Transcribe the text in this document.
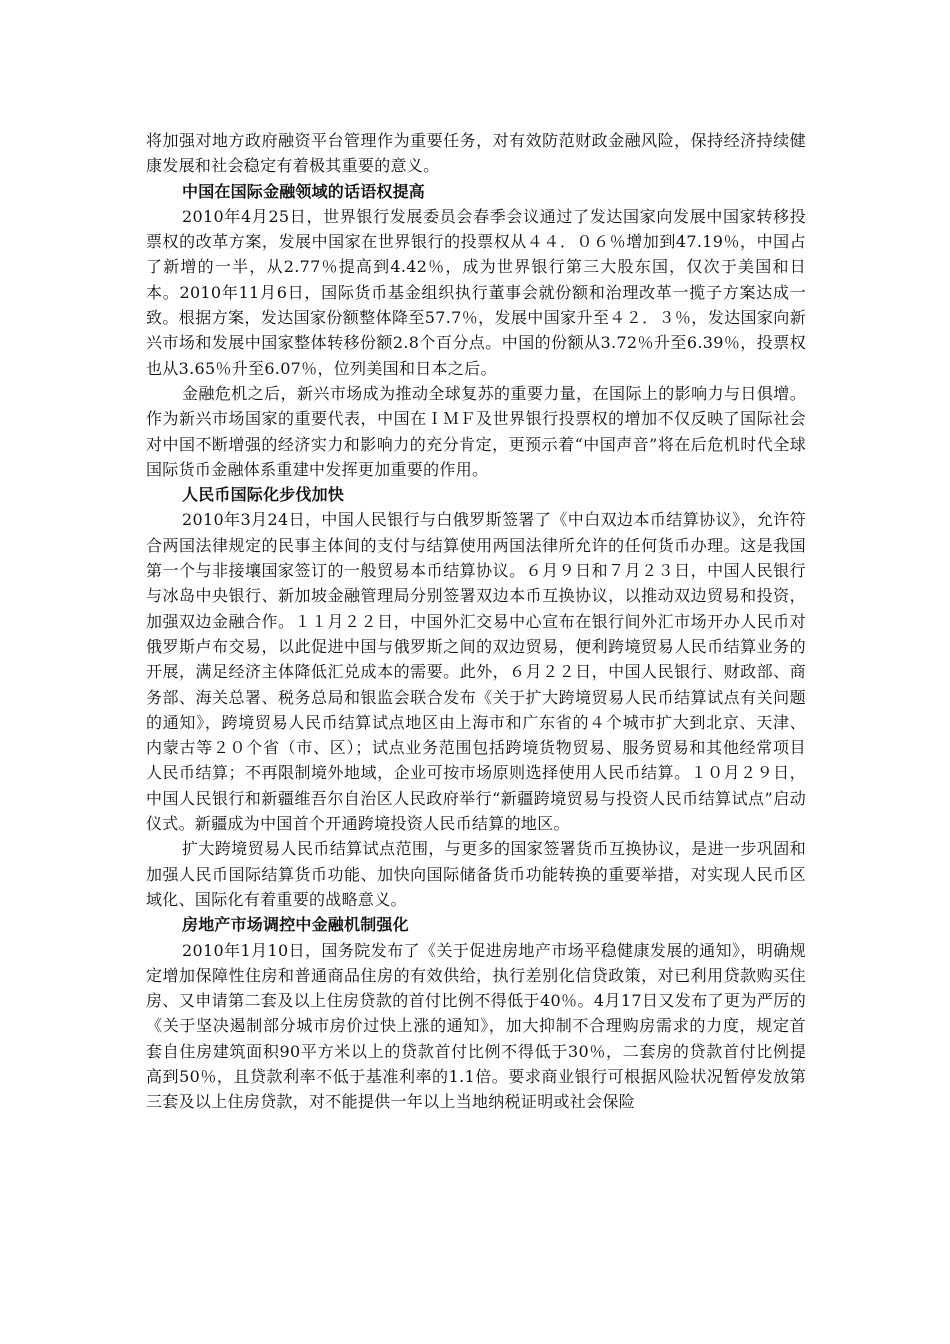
将加强对地方政府融资平台管理作为重要任务，对有效防范财政金融风险，保持经济持续健康发展和社会稳定有着极其重要的意义。

中国在国际金融领域的话语权提高

2010年4月25日，世界银行发展委员会春季会议通过了发达国家向发展中国家转移投票权的改革方案，发展中国家在世界银行的投票权从４４．０６％增加到47.19％，中国占了新增的一半，从2.77％提高到4.42％，成为世界银行第三大股东国，仅次于美国和日本。2010年11月6日，国际货币基金组织执行董事会就份额和治理改革一揽子方案达成一致。根据方案，发达国家份额整体降至57.7％，发展中国家升至４２．３％，发达国家向新兴市场和发展中国家整体转移份额2.8个百分点。中国的份额从3.72％升至6.39％，投票权也从3.65％升至6.07％，位列美国和日本之后。

金融危机之后，新兴市场成为推动全球复苏的重要力量，在国际上的影响力与日俱增。作为新兴市场国家的重要代表，中国在ＩＭＦ及世界银行投票权的增加不仅反映了国际社会对中国不断增强的经济实力和影响力的充分肯定，更预示着“中国声音”将在后危机时代全球国际货币金融体系重建中发挥更加重要的作用。

人民币国际化步伐加快

2010年3月24日，中国人民银行与白俄罗斯签署了《中白双边本币结算协议》，允许符合两国法律规定的民事主体间的支付与结算使用两国法律所允许的任何货币办理。这是我国第一个与非接壤国家签订的一般贸易本币结算协议。６月９日和７月２３日，中国人民银行与冰岛中央银行、新加坡金融管理局分别签署双边本币互换协议，以推动双边贸易和投资，加强双边金融合作。１１月２２日，中国外汇交易中心宣布在银行间外汇市场开办人民币对俄罗斯卢布交易，以此促进中国与俄罗斯之间的双边贸易，便利跨境贸易人民币结算业务的开展，满足经济主体降低汇兑成本的需要。此外，６月２２日，中国人民银行、财政部、商务部、海关总署、税务总局和银监会联合发布《关于扩大跨境贸易人民币结算试点有关问题的通知》，跨境贸易人民币结算试点地区由上海市和广东省的４个城市扩大到北京、天津、内蒙古等２０个省（市、区）；试点业务范围包括跨境货物贸易、服务贸易和其他经常项目人民币结算；不再限制境外地域，企业可按市场原则选择使用人民币结算。１０月２９日，中国人民银行和新疆维吾尔自治区人民政府举行“新疆跨境贸易与投资人民币结算试点”启动仪式。新疆成为中国首个开通跨境投资人民币结算的地区。

扩大跨境贸易人民币结算试点范围，与更多的国家签署货币互换协议，是进一步巩固和加强人民币国际结算货币功能、加快向国际储备货币功能转换的重要举措，对实现人民币区域化、国际化有着重要的战略意义。

房地产市场调控中金融机制强化

2010年1月10日，国务院发布了《关于促进房地产市场平稳健康发展的通知》，明确规定增加保障性住房和普通商品住房的有效供给，执行差别化信贷政策，对已利用贷款购买住房、又申请第二套及以上住房贷款的首付比例不得低于40％。4月17日又发布了更为严厉的《关于坚决遏制部分城市房价过快上涨的通知》，加大抑制不合理购房需求的力度，规定首套自住房建筑面积90平方米以上的贷款首付比例不得低于30％，二套房的贷款首付比例提高到50％，且贷款利率不低于基准利率的1.1倍。要求商业银行可根据风险状况暂停发放第三套及以上住房贷款，对不能提供一年以上当地纳税证明或社会保险
